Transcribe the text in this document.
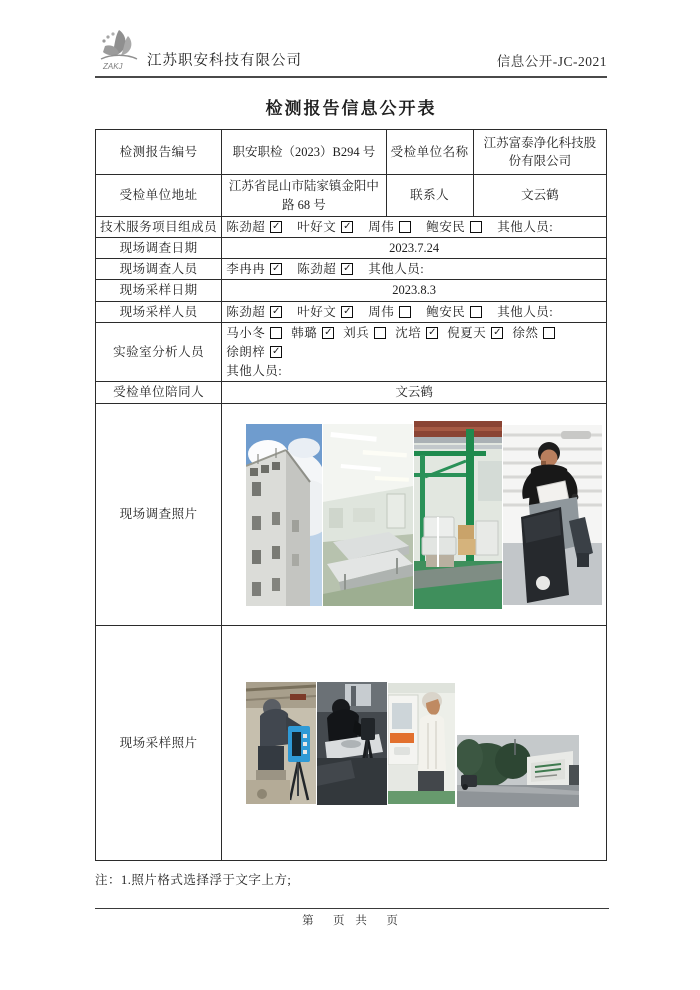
ZAKJ 江苏职安科技有限公司	信息公开-JC-2021
检测报告信息公开表
检测报告编号	职安职检（2023）B294 号	受检单位名称	江苏富泰净化科技股份有限公司
受检单位地址	江苏省昆山市陆家镇金阳中路 68 号	联系人	文云鹤
技术服务项目组成员	陈劲超 ✓ 叶好文 ✓ 周伟	鲍安民	其他人员:

现场调查日期	2023.7.24		
现场调查人员	李冉冉 ✓ 陈劲超 ✓ 其他人员:		

现场采样日期	2023.8.3		
现场采样人员	陈劲超 ✓ 叶好文 ✓ 周伟	鲍安民	其他人员:

实验室分析人员	
马小冬 韩璐 ✓ 刘兵 沈培 ✓ 倪夏天 ✓ 徐然
徐朗梓 ✓
其他人员:

受检单位陪同人	文云鹤		
现场调查照片	

现场采样照片	
注：1.照片格式选择浮于文字上方;
第　页 共　页
